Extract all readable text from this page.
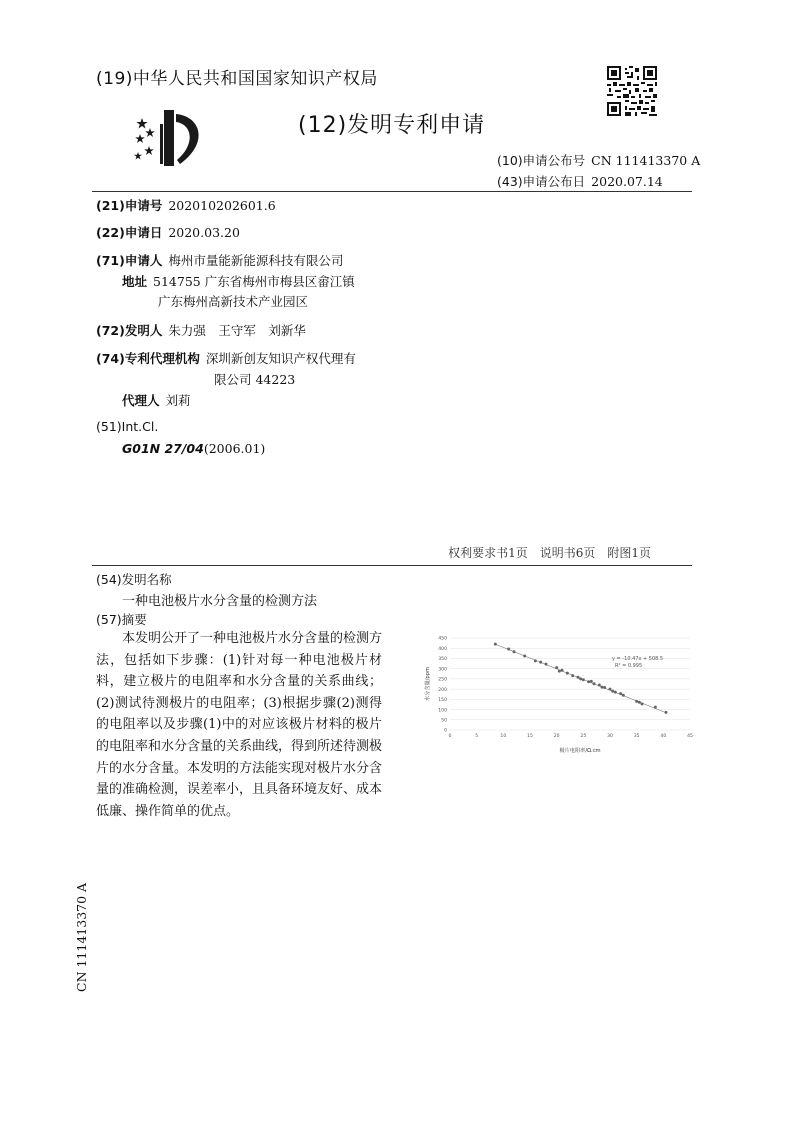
(19)中华人民共和国国家知识产权局
(12)发明专利申请
(10)申请公布号 CN 111413370 A
(43)申请公布日 2020.07.14
(21)申请号 202010202601.6
(22)申请日 2020.03.20
(71)申请人 梅州市量能新能源科技有限公司
地址 514755 广东省梅州市梅县区畲江镇
广东梅州高新技术产业园区
(72)发明人 朱力强　王守军　刘新华
(74)专利代理机构 深圳新创友知识产权代理有
限公司 44223
代理人 刘莉
(51)Int.Cl.
G01N 27/04(2006.01)
权利要求书1页 说明书6页 附图1页
(54)发明名称
一种电池极片水分含量的检测方法
(57)摘要

本发明公开了一种电池极片水分含量的检测方法，包括如下步骤：(1)针对每一种电池极片材料，建立极片的电阻率和水分含量的关系曲线；(2)测试待测极片的电阻率；(3)根据步骤(2)测得的电阻率以及步骤(1)中的对应该极片材料的极片的电阻率和水分含量的关系曲线，得到所述待测极片的水分含量。本发明的方法能实现对极片水分含量的准确检测，误差率小，且具备环境友好、成本低廉、操作简单的优点。

0
50
100
150
200
250
300
350
400
450
0	5	10	15	20	25	30	35	40	45
y = -10.47x + 508.5
R² = 0.995
水分含量/ppm
极片电阻率/Ω.cm
CN 111413370 A
